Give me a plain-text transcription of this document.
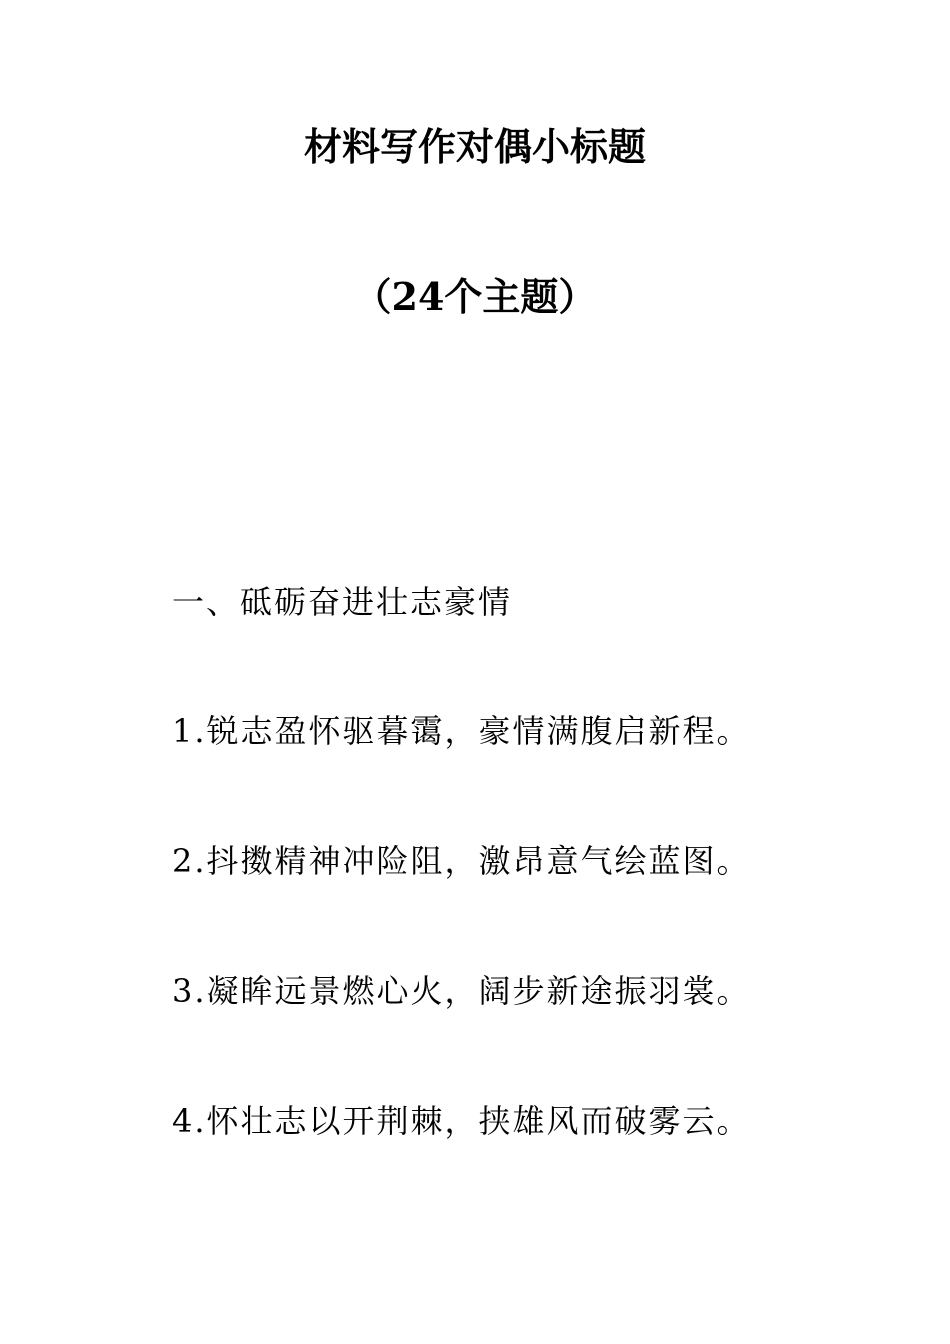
材料写作对偶小标题
（24个主题）

一、砥砺奋进壮志豪情

1.锐志盈怀驱暮霭，豪情满腹启新程。

2.抖擞精神冲险阻，激昂意气绘蓝图。

3.凝眸远景燃心火，阔步新途振羽裳。

4.怀壮志以开荆棘，挟雄风而破雾云。
